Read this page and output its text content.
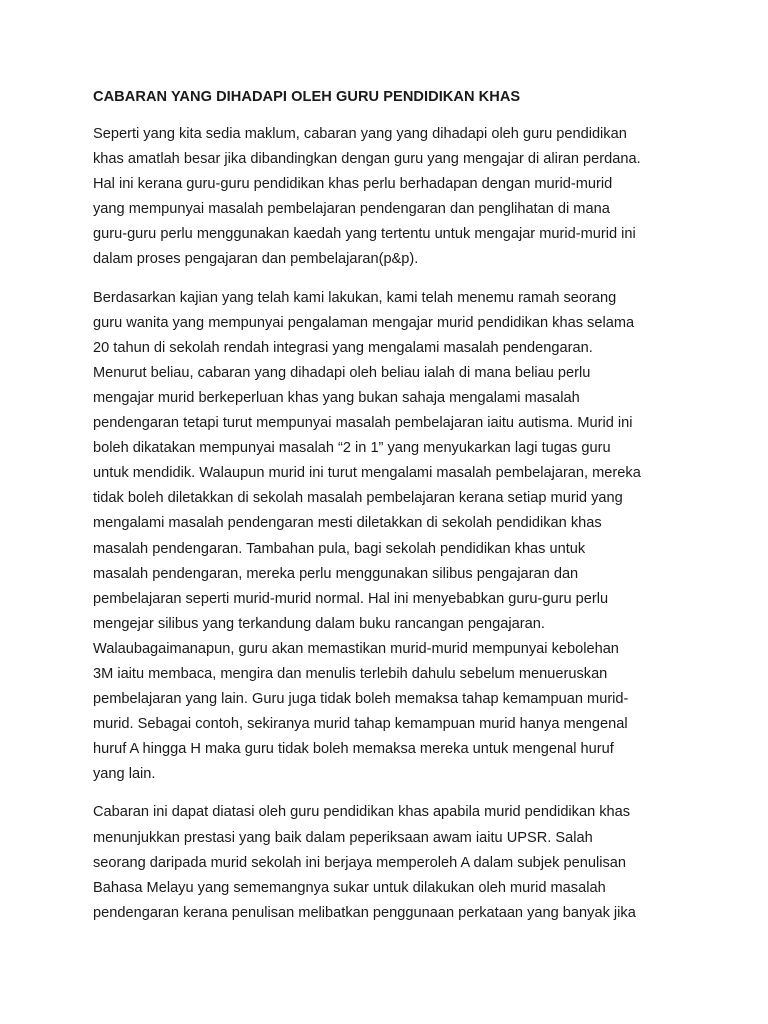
CABARAN YANG DIHADAPI OLEH GURU PENDIDIKAN KHAS
Seperti yang kita sedia maklum, cabaran yang yang dihadapi oleh guru pendidikan
khas amatlah besar jika dibandingkan dengan guru yang mengajar di aliran perdana.
Hal ini kerana guru-guru pendidikan khas perlu berhadapan dengan murid-murid
yang mempunyai masalah pembelajaran pendengaran dan penglihatan di mana
guru-guru perlu menggunakan kaedah yang tertentu untuk mengajar murid-murid ini
dalam proses pengajaran dan pembelajaran(p&p).
Berdasarkan kajian yang telah kami lakukan, kami telah menemu ramah seorang
guru wanita yang mempunyai pengalaman mengajar murid pendidikan khas selama
20 tahun di sekolah rendah integrasi yang mengalami masalah pendengaran.
Menurut beliau, cabaran yang dihadapi oleh beliau ialah di mana beliau perlu
mengajar murid berkeperluan khas yang bukan sahaja mengalami masalah
pendengaran tetapi turut mempunyai masalah pembelajaran iaitu autisma. Murid ini
boleh dikatakan mempunyai masalah “2 in 1” yang menyukarkan lagi tugas guru
untuk mendidik. Walaupun murid ini turut mengalami masalah pembelajaran, mereka
tidak boleh diletakkan di sekolah masalah pembelajaran kerana setiap murid yang
mengalami masalah pendengaran mesti diletakkan di sekolah pendidikan khas
masalah pendengaran. Tambahan pula, bagi sekolah pendidikan khas untuk
masalah pendengaran, mereka perlu menggunakan silibus pengajaran dan
pembelajaran seperti murid-murid normal. Hal ini menyebabkan guru-guru perlu
mengejar silibus yang terkandung dalam buku rancangan pengajaran.
Walaubagaimanapun, guru akan memastikan murid-murid mempunyai kebolehan
3M iaitu membaca, mengira dan menulis terlebih dahulu sebelum menueruskan
pembelajaran yang lain. Guru juga tidak boleh memaksa tahap kemampuan murid-
murid. Sebagai contoh, sekiranya murid tahap kemampuan murid hanya mengenal
huruf A hingga H maka guru tidak boleh memaksa mereka untuk mengenal huruf
yang lain.
Cabaran ini dapat diatasi oleh guru pendidikan khas apabila murid pendidikan khas
menunjukkan prestasi yang baik dalam peperiksaan awam iaitu UPSR. Salah
seorang daripada murid sekolah ini berjaya memperoleh A dalam subjek penulisan
Bahasa Melayu yang sememangnya sukar untuk dilakukan oleh murid masalah
pendengaran kerana penulisan melibatkan penggunaan perkataan yang banyak jika
